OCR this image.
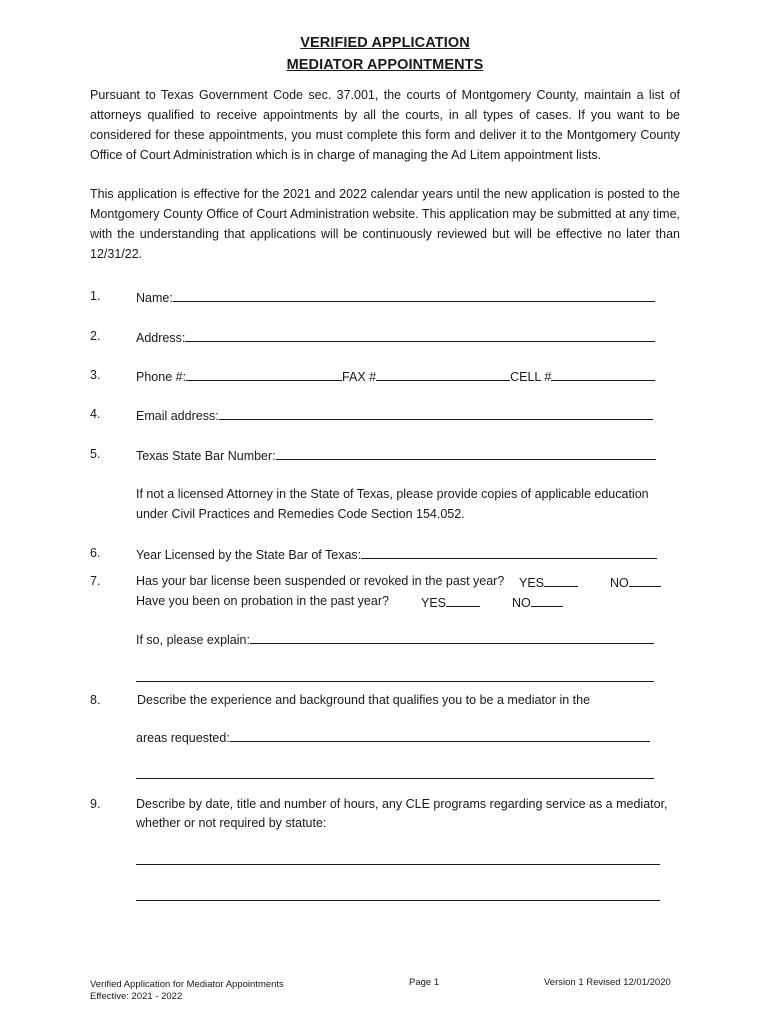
VERIFIED APPLICATION
MEDIATOR APPOINTMENTS

Pursuant to Texas Government Code sec. 37.001, the courts of Montgomery County, maintain a list of attorneys qualified to receive appointments by all the courts, in all types of cases. If you want to be considered for these appointments, you must complete this form and deliver it to the Montgomery County Office of Court Administration which is in charge of managing the Ad Litem appointment lists.

This application is effective for the 2021 and 2022 calendar years until the new application is posted to the Montgomery County Office of Court Administration website. This application may be submitted at any time, with the understanding that applications will be continuously reviewed but will be effective no later than 12/31/22.

1.	Name:
2.	Address:
3.	Phone #:	FAX #	CELL #
4.	Email address:
5.	Texas State Bar Number:
If not a licensed Attorney in the State of Texas, please provide copies of applicable education
under Civil Practices and Remedies Code Section 154.052.
6.	Year Licensed by the State Bar of Texas:
7.	Has your bar license been suspended or revoked in the past year? YES	NO
Have you been on probation in the past year?	YES	NO
If so, please explain:
8.	Describe the experience and background that qualifies you to be a mediator in the
areas requested:
9.	Describe by date, title and number of hours, any CLE programs regarding service as a mediator,
whether or not required by statute:
Verified Application for Mediator Appointments
Effective: 2021 - 2022
Page 1	Version 1 Revised 12/01/2020
